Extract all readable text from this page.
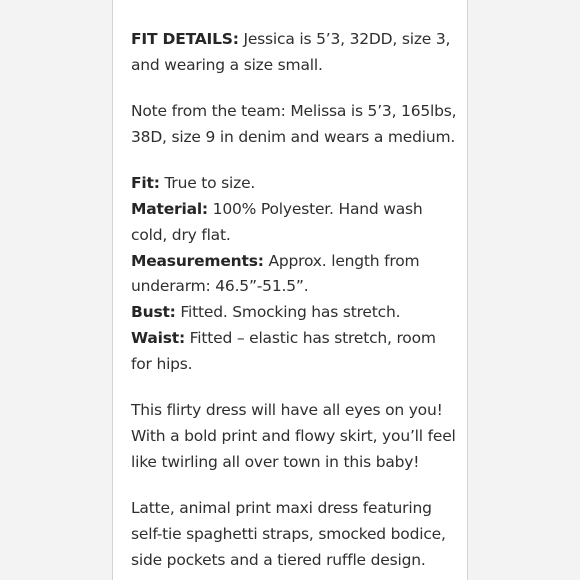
FIT DETAILS: Jessica is 5’3, 32DD, size 3, and wearing a size small.

Note from the team: Melissa is 5’3, 165lbs, 38D, size 9 in denim and wears a medium.

Fit: True to size.
Material: 100% Polyester. Hand wash cold, dry flat.
Measurements: Approx. length from underarm: 46.5”-51.5”.
Bust: Fitted. Smocking has stretch.
Waist: Fitted – elastic has stretch, room for hips.

This flirty dress will have all eyes on you! With a bold print and flowy skirt, you’ll feel like twirling all over town in this baby!

Latte, animal print maxi dress featuring self-tie spaghetti straps, smocked bodice, side pockets and a tiered ruffle design.
